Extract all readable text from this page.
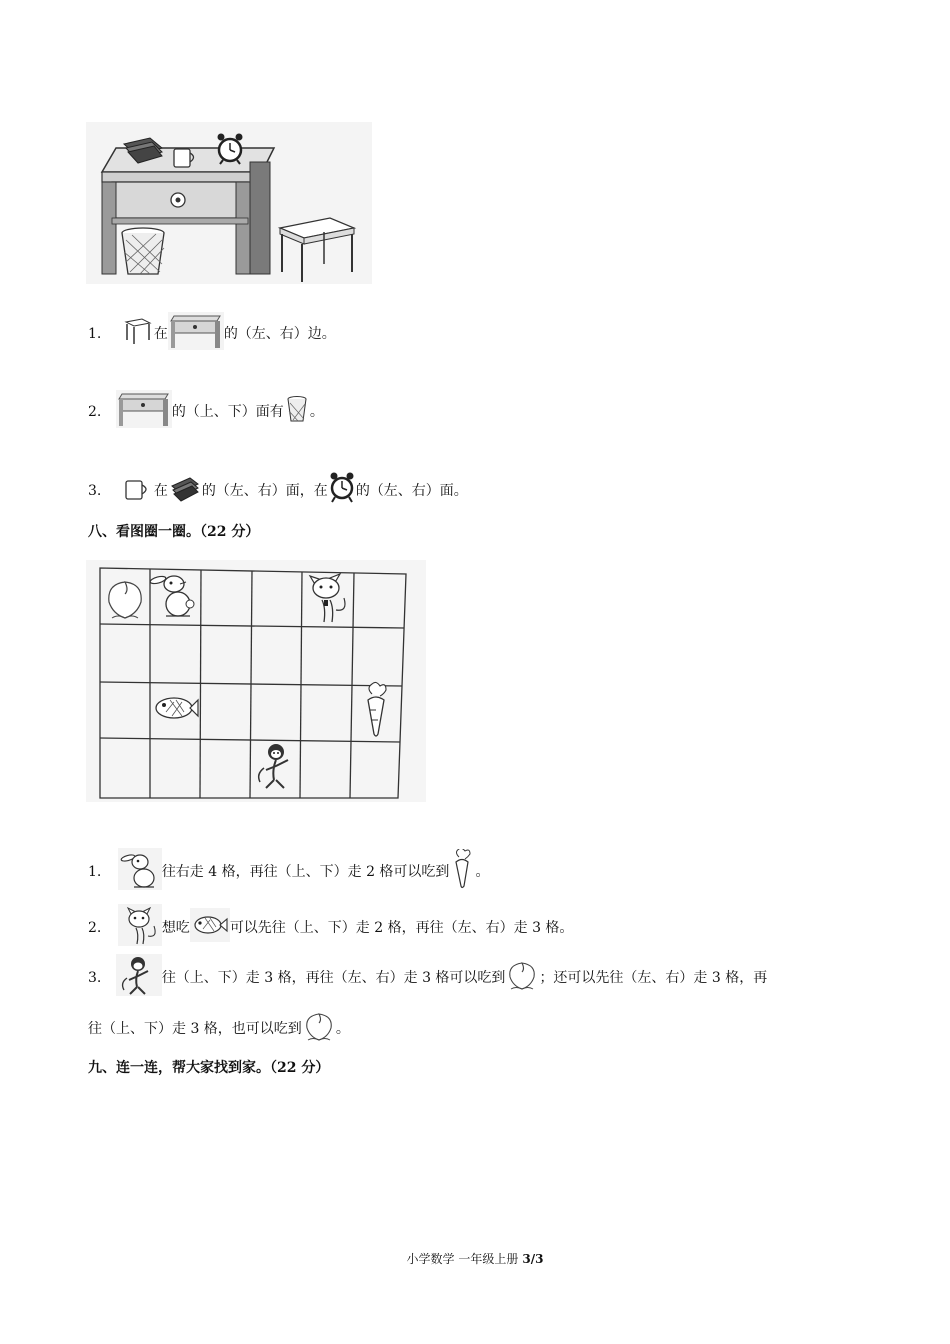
1.	在	的（左、右）边。
2.	的（上、下）面有 。
3.	在 的（左、右）面，在 的（左、右）面。
八、看图圈一圈。（22 分）
1.	往右走 4 格，再往（上、下）走 2 格可以吃到 。
2.	想吃	可以先往（上、下）走 2 格，再往（左、右）走 3 格。
3.	往（上、下）走 3 格，再往（左、右）走 3 格可以吃到 ；还可以先往（左、右）走 3 格，再
往（上、下）走 3 格，也可以吃到 。
九、连一连，帮大家找到家。（22 分）
小学数学 一年级上册 3/3
